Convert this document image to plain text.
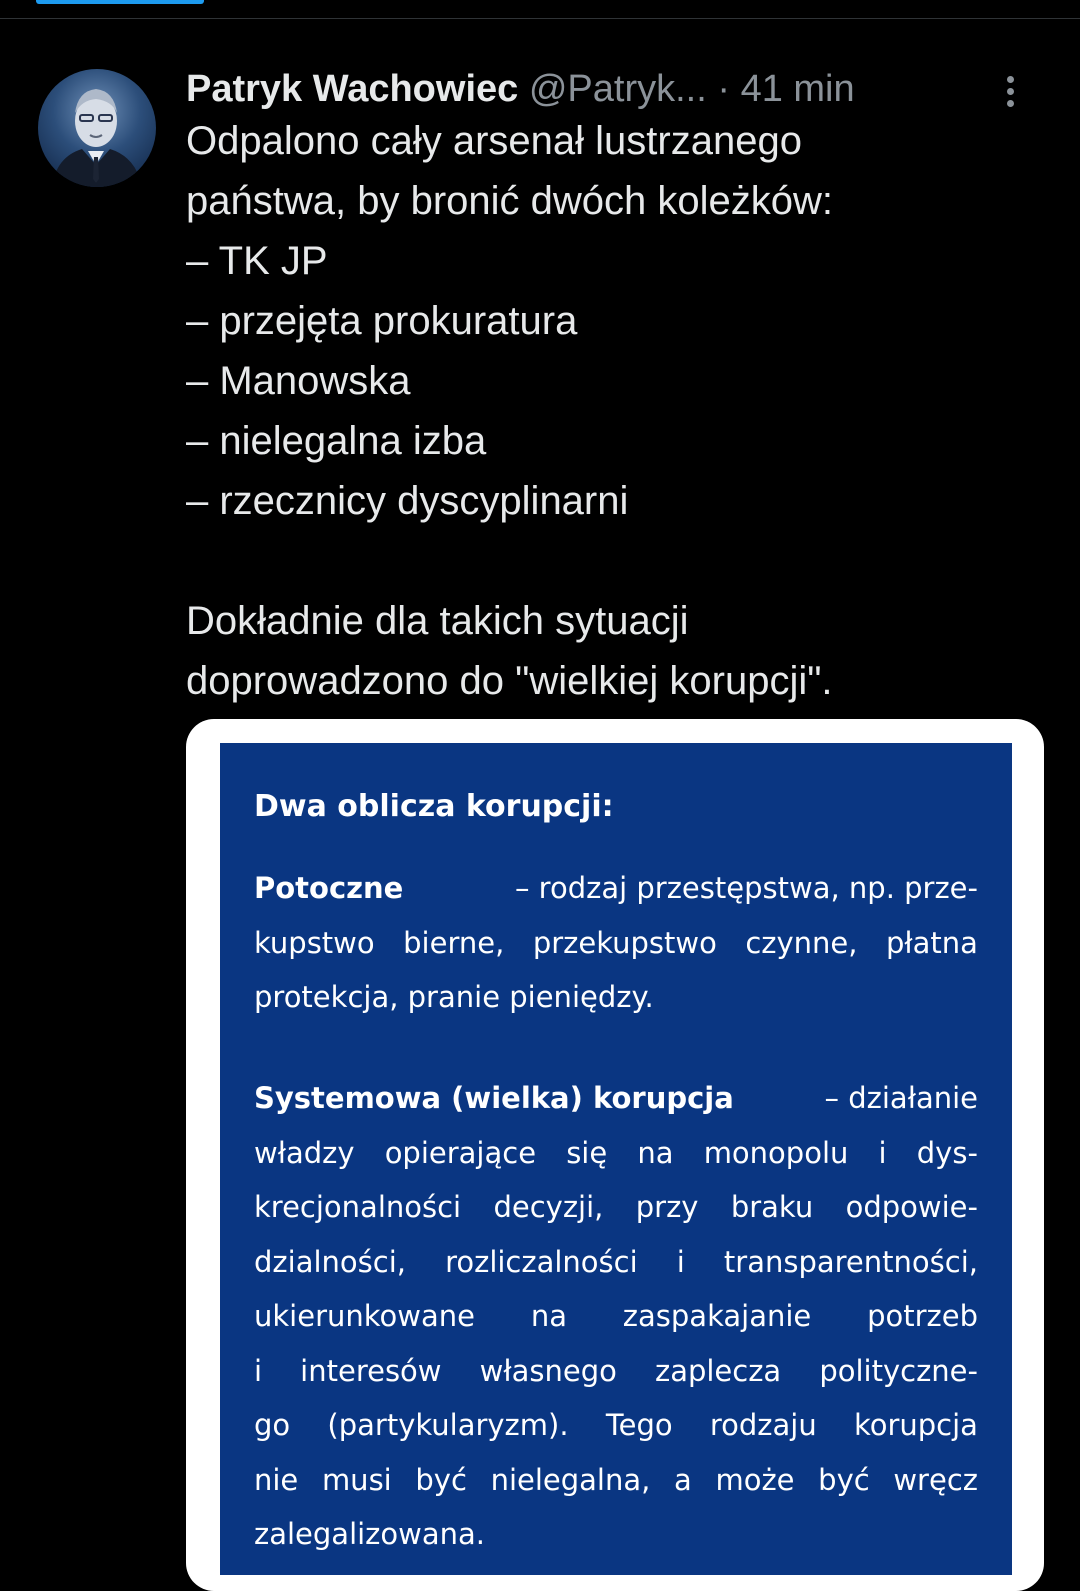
Patryk Wachowiec @Patryk... · 41 min
Odpalono cały arsenał lustrzanego
państwa, by bronić dwóch koleżków:
– TK JP
– przejęta prokuratura
– Manowska
– nielegalna izba
– rzecznicy dyscyplinarni
Dokładnie dla takich sytuacji
doprowadzono do "wielkiej korupcji".
Dwa oblicza korupcji:
Potoczne	– rodzaj przestępstwa, np. prze-
kupstwo bierne, przekupstwo czynne, płatna
protekcja, pranie pieniędzy.
Systemowa (wielka) korupcja	– działanie
władzy opierające się na monopolu i dys-
krecjonalności decyzji, przy braku odpowie-
dzialności, rozliczalności i transparentności,
ukierunkowane na zaspakajanie potrzeb
i interesów własnego zaplecza polityczne-
go (partykularyzm). Tego rodzaju korupcja
nie musi być nielegalna, a może być wręcz
zalegalizowana.
